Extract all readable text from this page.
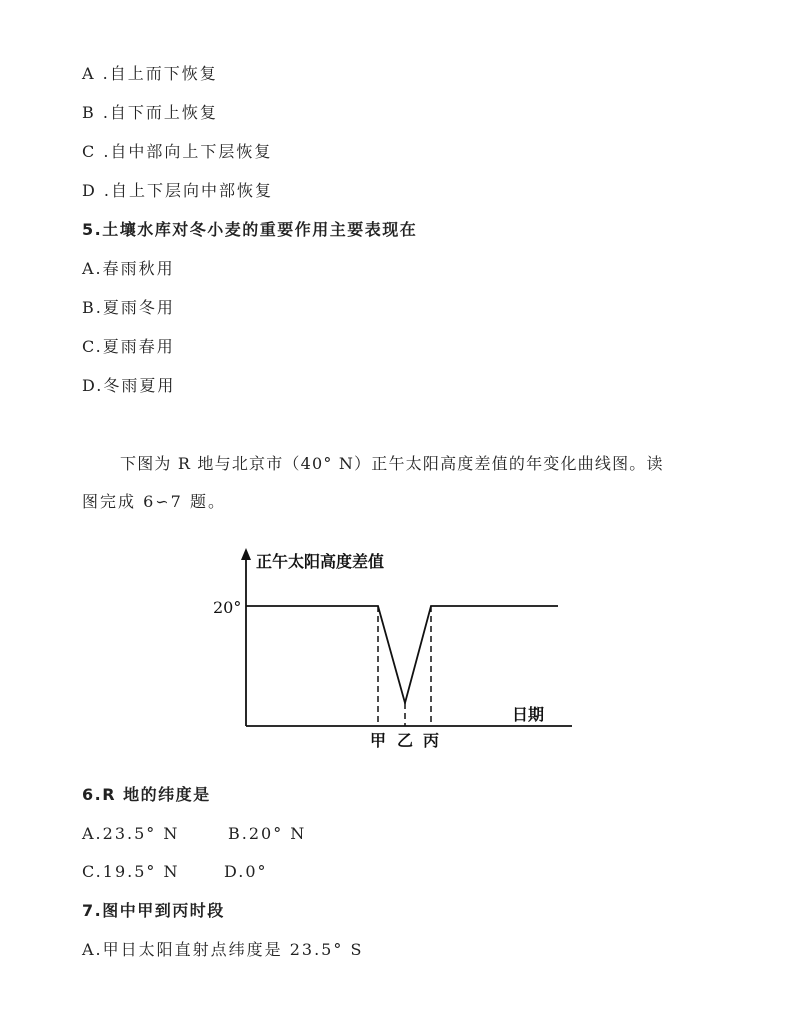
A .自上而下恢复
B .自下而上恢复
C .自中部向上下层恢复
D .自上下层向中部恢复
5.土壤水库对冬小麦的重要作用主要表现在
A.春雨秋用
B.夏雨冬用
C.夏雨春用
D.冬雨夏用
下图为 R 地与北京市（40° N）正午太阳高度差值的年变化曲线图。读
图完成 6∽7 题。
正午太阳高度差值
20°
日期
甲 乙 丙
6.R 地的纬度是
A.23.5° N	B.20° N
C.19.5° N	D.0°
7.图中甲到丙时段
A.甲日太阳直射点纬度是 23.5° S
